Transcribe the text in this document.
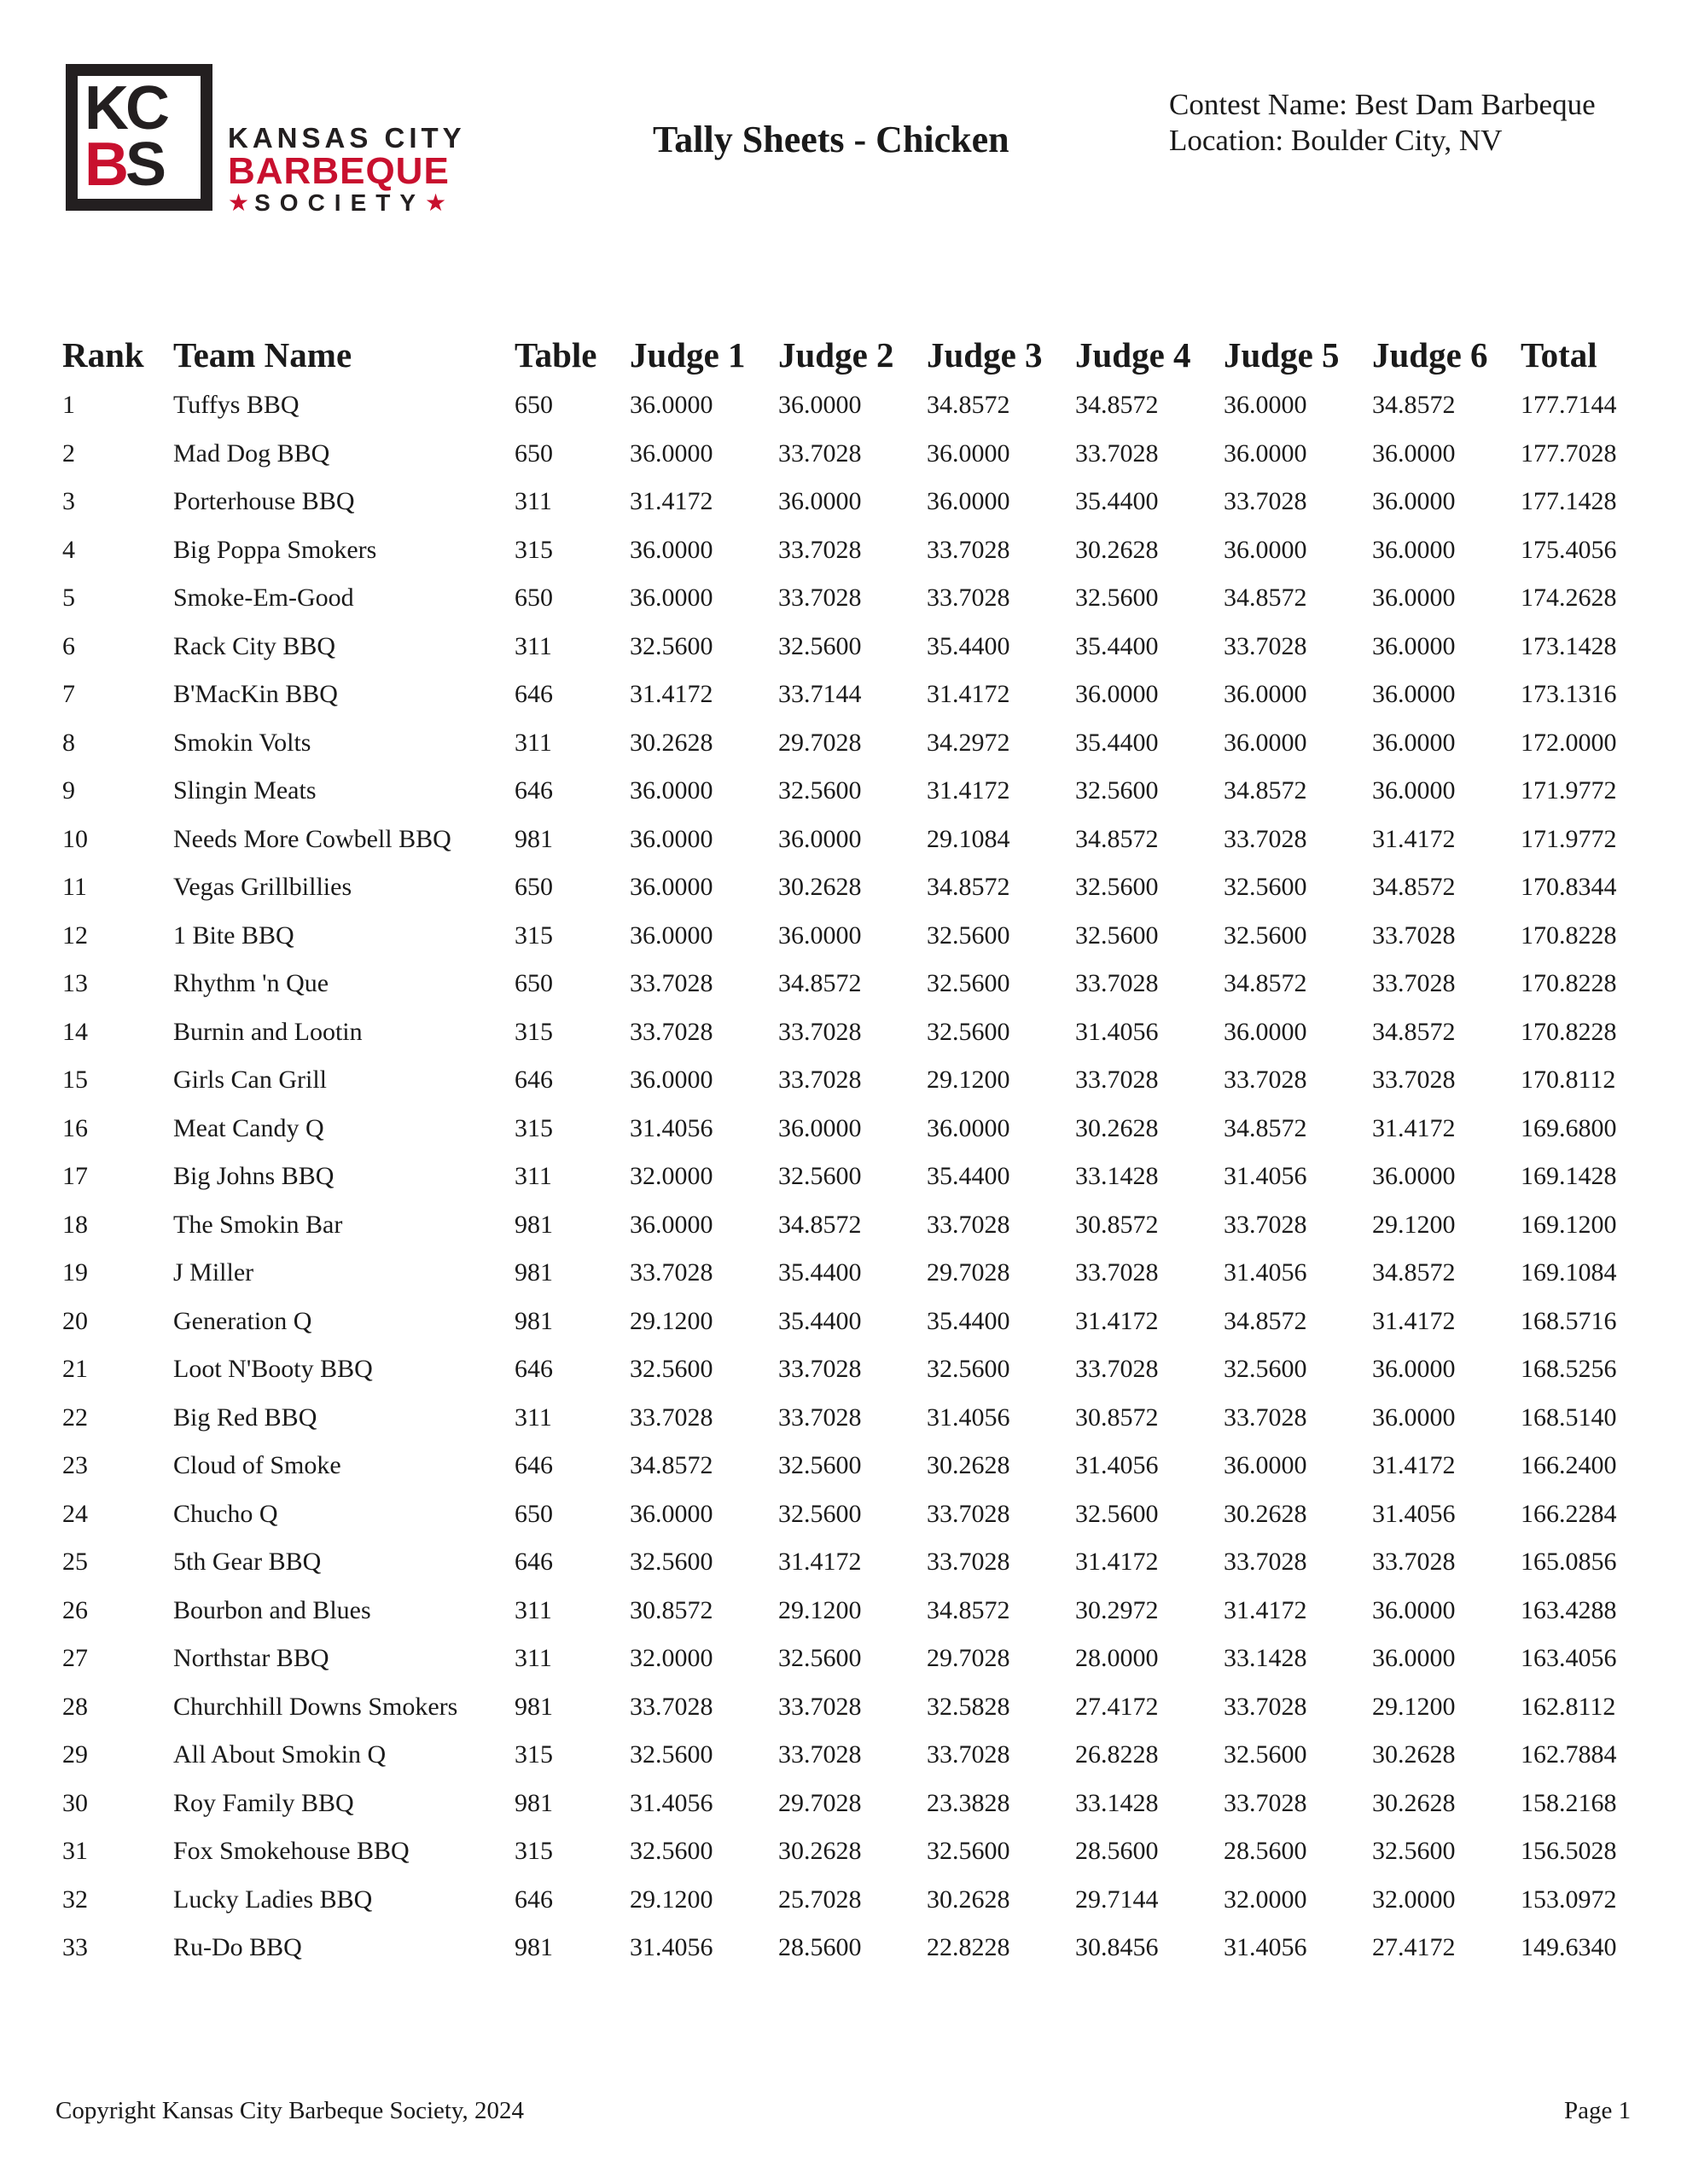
KC
BS	KANSAS CITY
BARBEQUE
★SOCIETY★
Tally Sheets - Chicken
Contest Name: Best Dam Barbeque
Location: Boulder City, NV
Rank	Team Name	Table	Judge 1	Judge 2	Judge 3	Judge 4	Judge 5	Judge 6	Total
1	Tuffys BBQ	650	36.0000	36.0000	34.8572	34.8572	36.0000	34.8572	177.7144
2	Mad Dog BBQ	650	36.0000	33.7028	36.0000	33.7028	36.0000	36.0000	177.7028
3	Porterhouse BBQ	311	31.4172	36.0000	36.0000	35.4400	33.7028	36.0000	177.1428
4	Big Poppa Smokers	315	36.0000	33.7028	33.7028	30.2628	36.0000	36.0000	175.4056
5	Smoke-Em-Good	650	36.0000	33.7028	33.7028	32.5600	34.8572	36.0000	174.2628
6	Rack City BBQ	311	32.5600	32.5600	35.4400	35.4400	33.7028	36.0000	173.1428
7	B'MacKin BBQ	646	31.4172	33.7144	31.4172	36.0000	36.0000	36.0000	173.1316
8	Smokin Volts	311	30.2628	29.7028	34.2972	35.4400	36.0000	36.0000	172.0000
9	Slingin Meats	646	36.0000	32.5600	31.4172	32.5600	34.8572	36.0000	171.9772
10	Needs More Cowbell BBQ	981	36.0000	36.0000	29.1084	34.8572	33.7028	31.4172	171.9772
11	Vegas Grillbillies	650	36.0000	30.2628	34.8572	32.5600	32.5600	34.8572	170.8344
12	1 Bite BBQ	315	36.0000	36.0000	32.5600	32.5600	32.5600	33.7028	170.8228
13	Rhythm 'n Que	650	33.7028	34.8572	32.5600	33.7028	34.8572	33.7028	170.8228
14	Burnin and Lootin	315	33.7028	33.7028	32.5600	31.4056	36.0000	34.8572	170.8228
15	Girls Can Grill	646	36.0000	33.7028	29.1200	33.7028	33.7028	33.7028	170.8112
16	Meat Candy Q	315	31.4056	36.0000	36.0000	30.2628	34.8572	31.4172	169.6800
17	Big Johns BBQ	311	32.0000	32.5600	35.4400	33.1428	31.4056	36.0000	169.1428
18	The Smokin Bar	981	36.0000	34.8572	33.7028	30.8572	33.7028	29.1200	169.1200
19	J Miller	981	33.7028	35.4400	29.7028	33.7028	31.4056	34.8572	169.1084
20	Generation Q	981	29.1200	35.4400	35.4400	31.4172	34.8572	31.4172	168.5716
21	Loot N'Booty BBQ	646	32.5600	33.7028	32.5600	33.7028	32.5600	36.0000	168.5256
22	Big Red BBQ	311	33.7028	33.7028	31.4056	30.8572	33.7028	36.0000	168.5140
23	Cloud of Smoke	646	34.8572	32.5600	30.2628	31.4056	36.0000	31.4172	166.2400
24	Chucho Q	650	36.0000	32.5600	33.7028	32.5600	30.2628	31.4056	166.2284
25	5th Gear BBQ	646	32.5600	31.4172	33.7028	31.4172	33.7028	33.7028	165.0856
26	Bourbon and Blues	311	30.8572	29.1200	34.8572	30.2972	31.4172	36.0000	163.4288
27	Northstar BBQ	311	32.0000	32.5600	29.7028	28.0000	33.1428	36.0000	163.4056
28	Churchhill Downs Smokers	981	33.7028	33.7028	32.5828	27.4172	33.7028	29.1200	162.8112
29	All About Smokin Q	315	32.5600	33.7028	33.7028	26.8228	32.5600	30.2628	162.7884
30	Roy Family BBQ	981	31.4056	29.7028	23.3828	33.1428	33.7028	30.2628	158.2168
31	Fox Smokehouse BBQ	315	32.5600	30.2628	32.5600	28.5600	28.5600	32.5600	156.5028
32	Lucky Ladies BBQ	646	29.1200	25.7028	30.2628	29.7144	32.0000	32.0000	153.0972
33	Ru-Do BBQ	981	31.4056	28.5600	22.8228	30.8456	31.4056	27.4172	149.6340
Copyright Kansas City Barbeque Society, 2024	Page 1
